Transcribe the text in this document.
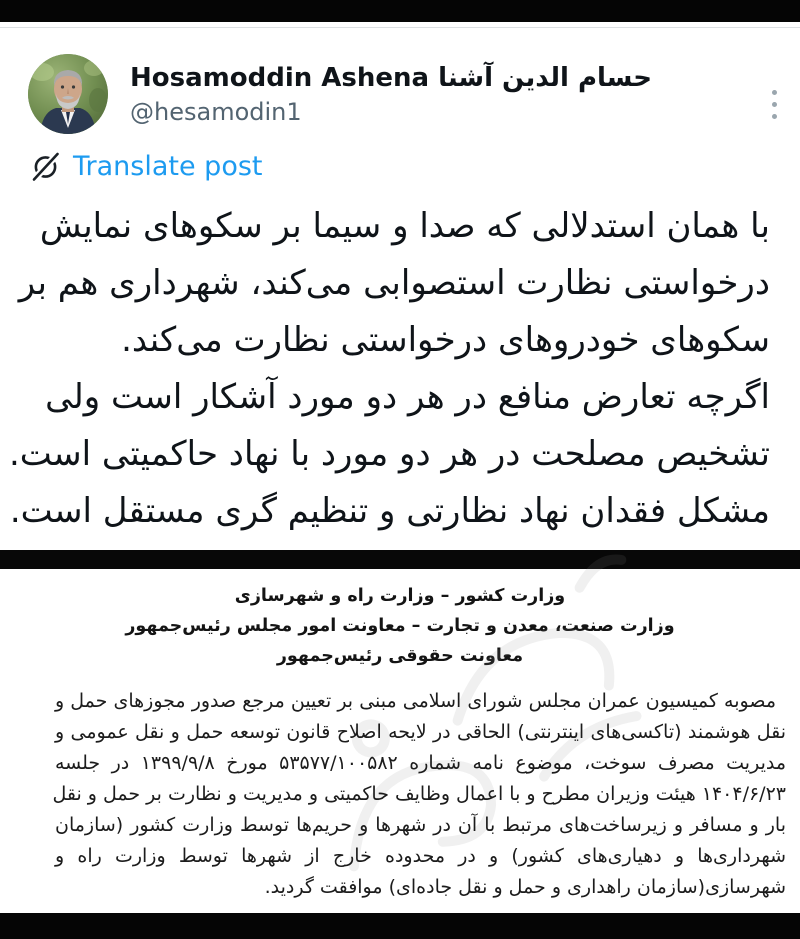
Hosamoddin Ashena حسام الدين آشنا
@hesamodin1
Translate post
با همان استدلالی که صدا و سیما بر سکوهای نمایش
درخواستی نظارت استصوابی می‌کند، شهرداری هم بر
سکوهای خودروهای درخواستی نظارت می‌کند.
اگرچه تعارض منافع در هر دو مورد آشکار است ولی
تشخیص مصلحت در هر دو مورد با نهاد حاکمیتی است.
مشکل فقدان نهاد نظارتی و تنظیم گری مستقل است.
وزارت کشور – وزارت راه و شهرسازی
وزارت صنعت، معدن و تجارت – معاونت امور مجلس رئیس‌جمهور
معاونت حقوقی رئیس‌جمهور
مصوبه کمیسیون عمران مجلس شورای اسلامی مبنی بر تعیین مرجع صدور مجوزهای حمل و
نقل هوشمند (تاکسی‌های اینترنتی) الحاقی در لایحه اصلاح قانون توسعه حمل و نقل عمومی و
مدیریت مصرف سوخت، موضوع نامه شماره ۵۳۵۷۷/۱۰۰۵۸۲ مورخ ۱۳۹۹/۹/۸ در جلسه
۱۴۰۴/۶/۲۳ هیئت وزیران مطرح و با اعمال وظایف حاکمیتی و مدیریت و نظارت بر حمل و نقل
بار و مسافر و زیرساخت‌های مرتبط با آن در شهرها و حریم‌ها توسط وزارت کشور (سازمان
شهرداری‌ها و دهیاری‌های کشور) و در محدوده خارج از شهرها توسط وزارت راه و
شهرسازی(سازمان راهداری و حمل و نقل جاده‌ای) موافقت گردید.
